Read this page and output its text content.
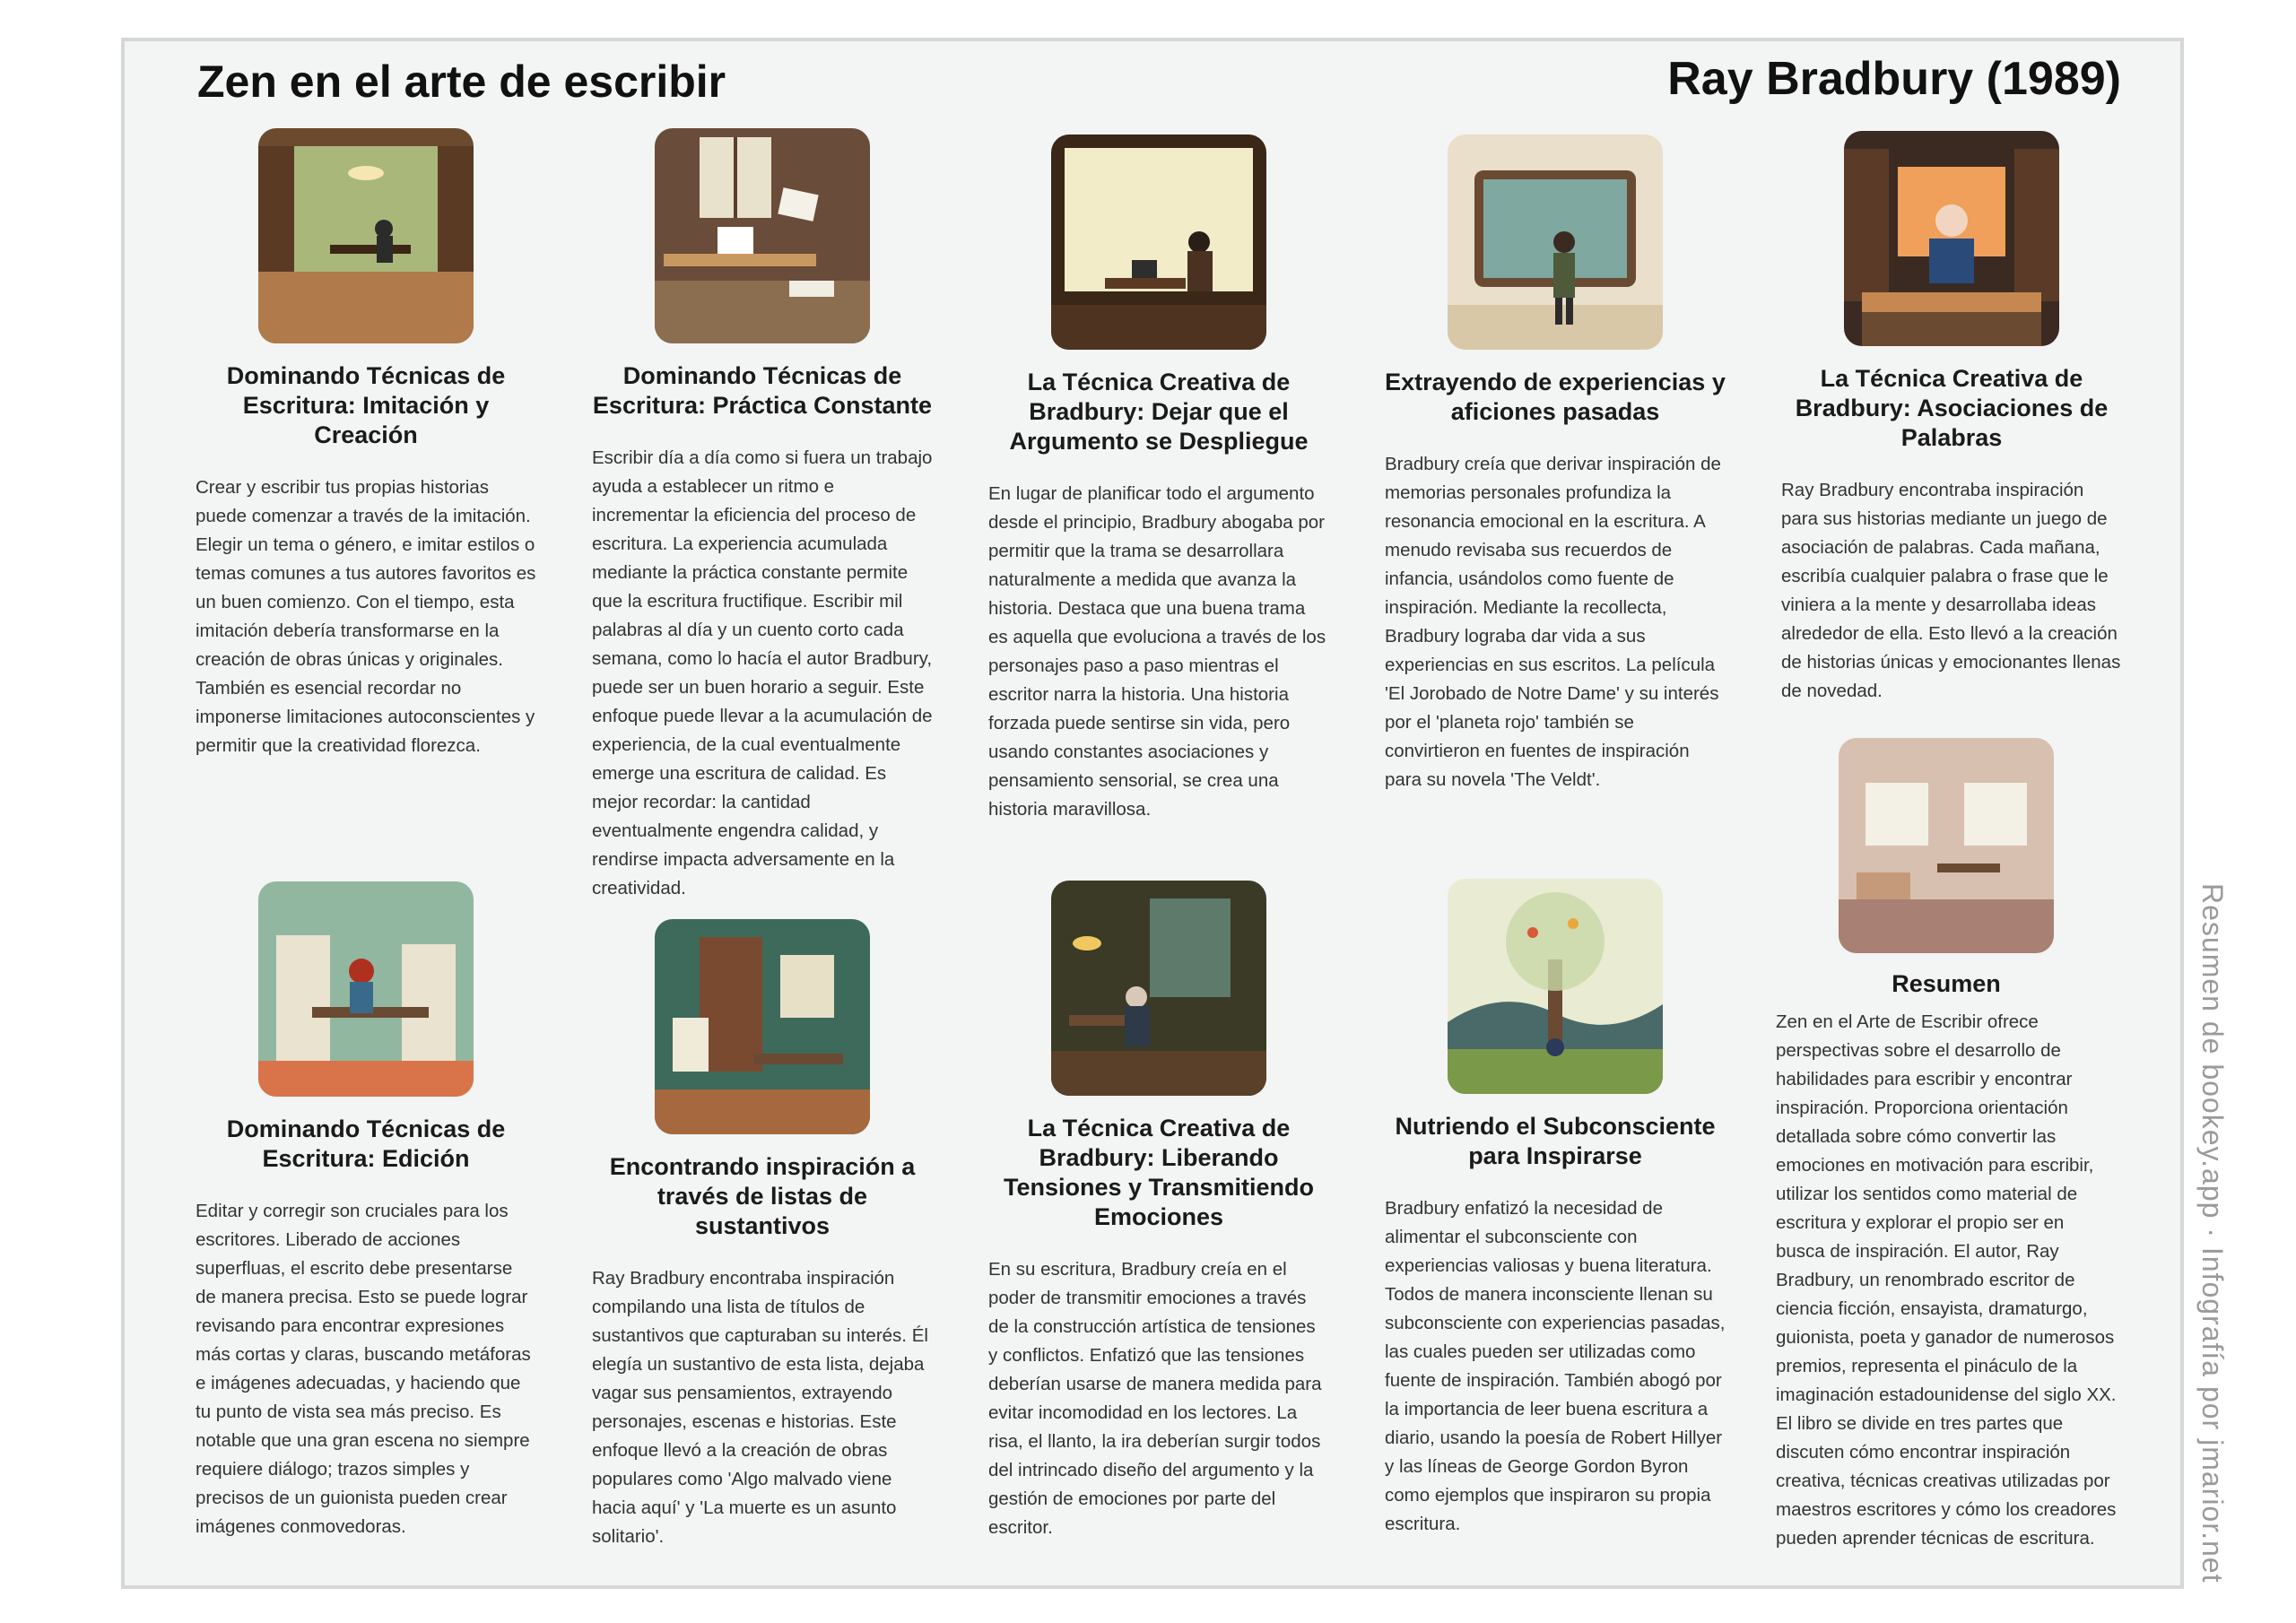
Zen en el arte de escribir	Ray Bradbury (1989)
Dominando Técnicas de Escritura: Imitación y Creación

Crear y escribir tus propias historias puede comenzar a través de la imitación. Elegir un tema o género, e imitar estilos o temas comunes a tus autores favoritos es un buen comienzo. Con el tiempo, esta imitación debería transformarse en la creación de obras únicas y originales. También es esencial recordar no imponerse limitaciones autoconscientes y permitir que la creatividad florezca.

Dominando Técnicas de Escritura: Práctica Constante

Escribir día a día como si fuera un trabajo ayuda a establecer un ritmo e incrementar la eficiencia del proceso de escritura. La experiencia acumulada mediante la práctica constante permite que la escritura fructifique. Escribir mil palabras al día y un cuento corto cada semana, como lo hacía el autor Bradbury, puede ser un buen horario a seguir. Este enfoque puede llevar a la acumulación de experiencia, de la cual eventualmente emerge una escritura de calidad. Es mejor recordar: la cantidad eventualmente engendra calidad, y rendirse impacta adversamente en la creatividad.

La Técnica Creativa de Bradbury: Dejar que el Argumento se Despliegue

En lugar de planificar todo el argumento desde el principio, Bradbury abogaba por permitir que la trama se desarrollara naturalmente a medida que avanza la historia. Destaca que una buena trama es aquella que evoluciona a través de los personajes paso a paso mientras el escritor narra la historia. Una historia forzada puede sentirse sin vida, pero usando constantes asociaciones y pensamiento sensorial, se crea una historia maravillosa.

Extrayendo de experiencias y aficiones pasadas

Bradbury creía que derivar inspiración de memorias personales profundiza la resonancia emocional en la escritura. A menudo revisaba sus recuerdos de infancia, usándolos como fuente de inspiración. Mediante la recollecta, Bradbury lograba dar vida a sus experiencias en sus escritos. La película 'El Jorobado de Notre Dame' y su interés por el 'planeta rojo' también se convirtieron en fuentes de inspiración para su novela 'The Veldt'.

La Técnica Creativa de Bradbury: Asociaciones de Palabras

Ray Bradbury encontraba inspiración para sus historias mediante un juego de asociación de palabras. Cada mañana, escribía cualquier palabra o frase que le viniera a la mente y desarrollaba ideas alrededor de ella. Esto llevó a la creación de historias únicas y emocionantes llenas de novedad.

Dominando Técnicas de Escritura: Edición

Editar y corregir son cruciales para los escritores. Liberado de acciones superfluas, el escrito debe presentarse de manera precisa. Esto se puede lograr revisando para encontrar expresiones más cortas y claras, buscando metáforas e imágenes adecuadas, y haciendo que tu punto de vista sea más preciso. Es notable que una gran escena no siempre requiere diálogo; trazos simples y precisos de un guionista pueden crear imágenes conmovedoras.

Encontrando inspiración a través de listas de sustantivos

Ray Bradbury encontraba inspiración compilando una lista de títulos de sustantivos que capturaban su interés. Él elegía un sustantivo de esta lista, dejaba vagar sus pensamientos, extrayendo personajes, escenas e historias. Este enfoque llevó a la creación de obras populares como 'Algo malvado viene hacia aquí' y 'La muerte es un asunto solitario'.

La Técnica Creativa de Bradbury: Liberando Tensiones y Transmitiendo Emociones

En su escritura, Bradbury creía en el poder de transmitir emociones a través de la construcción artística de tensiones y conflictos. Enfatizó que las tensiones deberían usarse de manera medida para evitar incomodidad en los lectores. La risa, el llanto, la ira deberían surgir todos del intrincado diseño del argumento y la gestión de emociones por parte del escritor.

Nutriendo el Subconsciente para Inspirarse

Bradbury enfatizó la necesidad de alimentar el subconsciente con experiencias valiosas y buena literatura. Todos de manera inconsciente llenan su subconsciente con experiencias pasadas, las cuales pueden ser utilizadas como fuente de inspiración. También abogó por la importancia de leer buena escritura a diario, usando la poesía de Robert Hillyer y las líneas de George Gordon Byron como ejemplos que inspiraron su propia escritura.

Resumen

Zen en el Arte de Escribir ofrece perspectivas sobre el desarrollo de habilidades para escribir y encontrar inspiración. Proporciona orientación detallada sobre cómo convertir las emociones en motivación para escribir, utilizar los sentidos como material de escritura y explorar el propio ser en busca de inspiración. El autor, Ray Bradbury, un renombrado escritor de ciencia ficción, ensayista, dramaturgo, guionista, poeta y ganador de numerosos premios, representa el pináculo de la imaginación estadounidense del siglo XX. El libro se divide en tres partes que discuten cómo encontrar inspiración creativa, técnicas creativas utilizadas por maestros escritores y cómo los creadores pueden aprender técnicas de escritura.	Resumen de bookey.app · Infografía por jmarior.net
